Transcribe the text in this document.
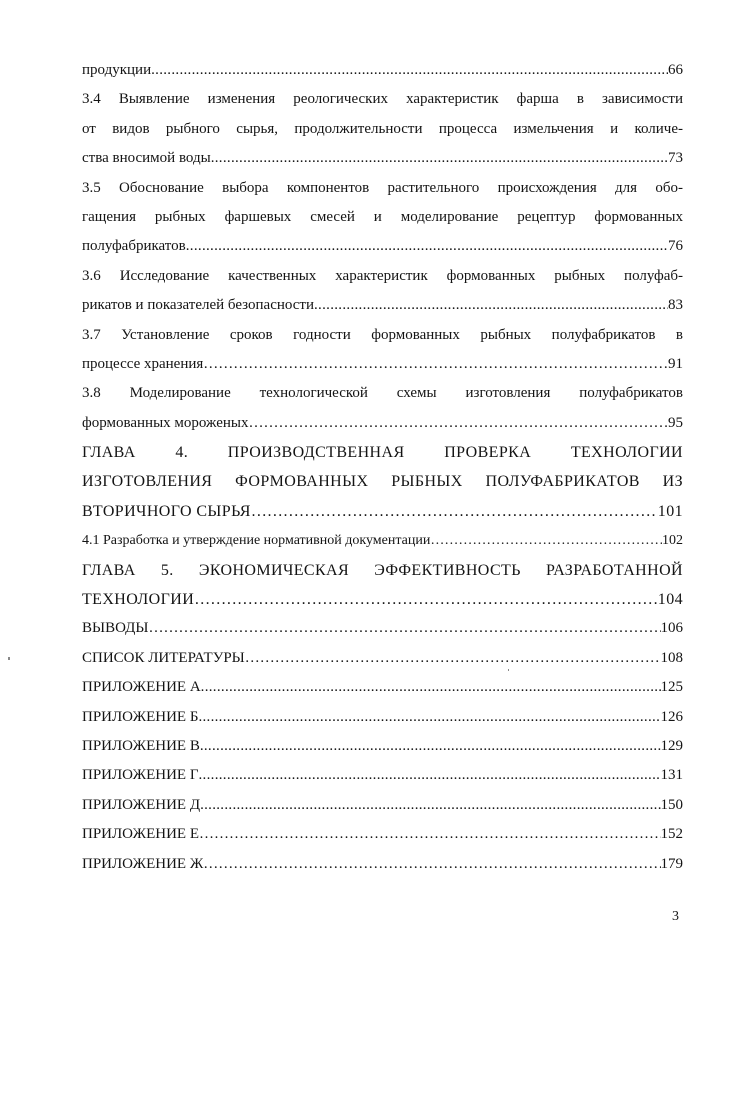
продукции .....	66
3.4 Выявление изменения реологических характеристик фарша в зависимости
от видов рыбного сырья, продолжительности процесса измельчения и количе-
ства вносимой воды .....	73
3.5 Обоснование выбора компонентов растительного происхождения для обо-
гащения рыбных фаршевых смесей и моделирование рецептур формованных
полуфабрикатов .....	76
3.6 Исследование качественных характеристик формованных рыбных полуфаб-
рикатов и показателей безопасности .....	83
3.7 Установление сроков годности формованных рыбных полуфабрикатов в
процессе хранения …………………………………………………………………………………………………………………………………………………………………………………	91
3.8 Моделирование технологической схемы изготовления полуфабрикатов
формованных мороженых …………………………………………………………………………………………………………………………………………………………………………………	95
ГЛАВА 4. ПРОИЗВОДСТВЕННАЯ ПРОВЕРКА ТЕХНОЛОГИИ
ИЗГОТОВЛЕНИЯ ФОРМОВАННЫХ РЫБНЫХ ПОЛУФАБРИКАТОВ ИЗ
ВТОРИЧНОГО СЫРЬЯ …………………………………………………………………………………………………………………………………………………………………………………	101
4.1 Разработка и утверждение нормативной документации …………………………………………………………………………………………………………………………………………………………………………………	102
ГЛАВА 5. ЭКОНОМИЧЕСКАЯ ЭФФЕКТИВНОСТЬ РАЗРАБОТАННОЙ
ТЕХНОЛОГИИ …………………………………………………………………………………………………………………………………………………………………………………	104
ВЫВОДЫ …………………………………………………………………………………………………………………………………………………………………………………	106
СПИСОК ЛИТЕРАТУРЫ …………………………………………………………………………………………………………………………………………………………………………………	108
ПРИЛОЖЕНИЕ А .....	125
ПРИЛОЖЕНИЕ Б .....	126
ПРИЛОЖЕНИЕ В .....	129
ПРИЛОЖЕНИЕ Г .....	131
ПРИЛОЖЕНИЕ Д .....	150
ПРИЛОЖЕНИЕ Е …………………………………………………………………………………………………………………………………………………………………………………	152
ПРИЛОЖЕНИЕ Ж …………………………………………………………………………………………………………………………………………………………………………………	179
3
